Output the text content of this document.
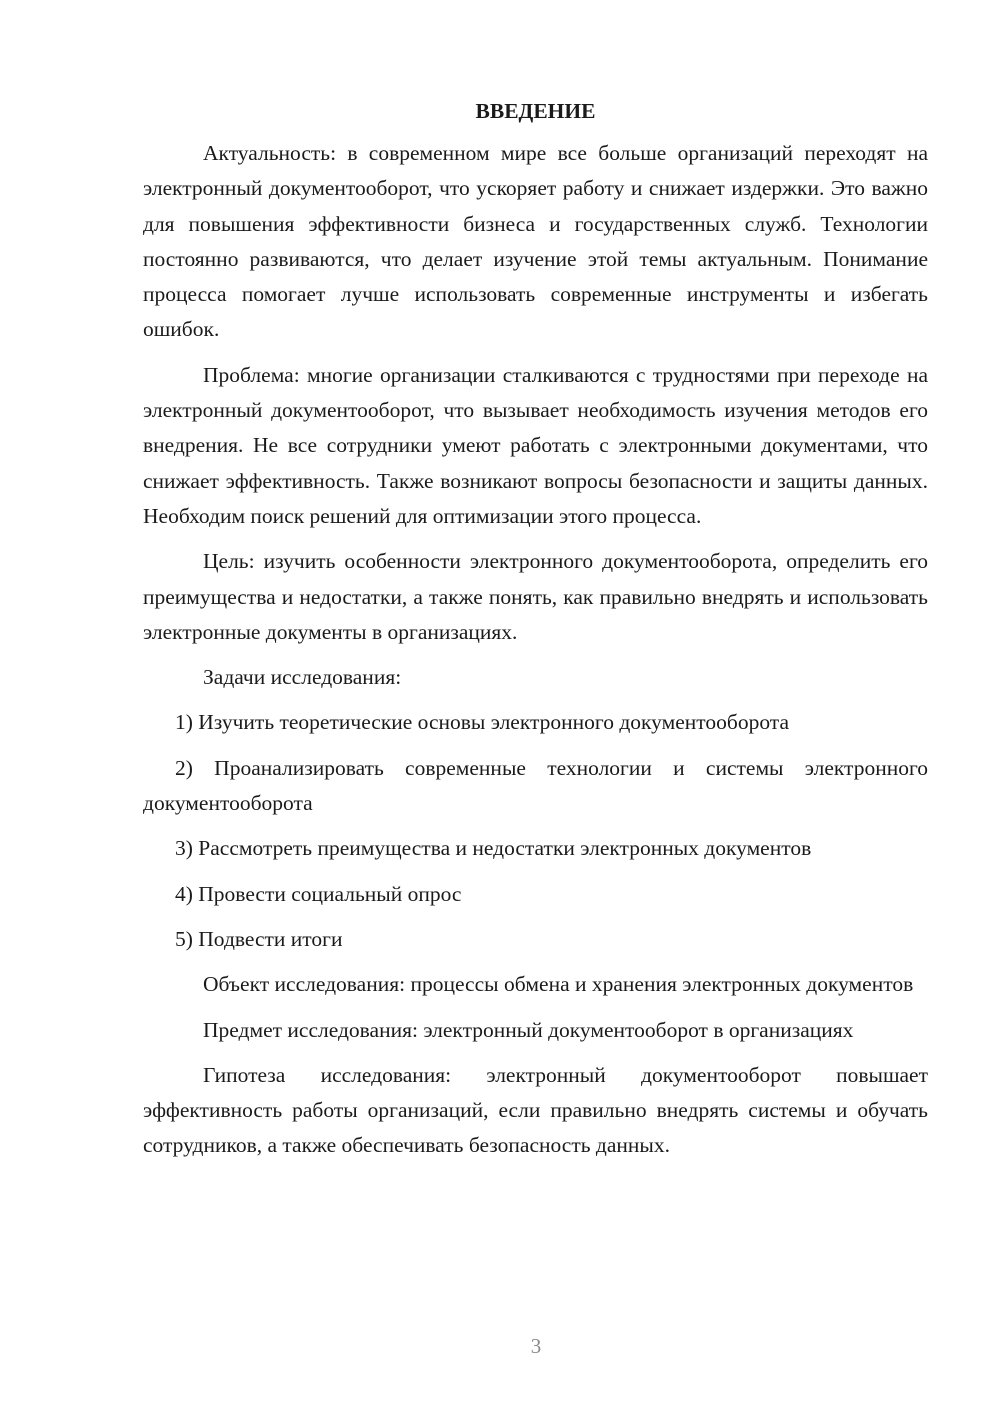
ВВЕДЕНИЕ

Актуальность: в современном мире все больше организаций переходят на электронный документооборот, что ускоряет работу и снижает издержки. Это важно для повышения эффективности бизнеса и государственных служб. Технологии постоянно развиваются, что делает изучение этой темы актуальным. Понимание процесса помогает лучше использовать современные инструменты и избегать ошибок.

Проблема: многие организации сталкиваются с трудностями при переходе на электронный документооборот, что вызывает необходимость изучения методов его внедрения. Не все сотрудники умеют работать с электронными документами, что снижает эффективность. Также возникают вопросы безопасности и защиты данных. Необходим поиск решений для оптимизации этого процесса.

Цель: изучить особенности электронного документооборота, определить его преимущества и недостатки, а также понять, как правильно внедрять и использовать электронные документы в организациях.

Задачи исследования:

1) Изучить теоретические основы электронного документооборота

2) Проанализировать современные технологии и системы электронного документооборота

3) Рассмотреть преимущества и недостатки электронных документов

4) Провести социальный опрос

5) Подвести итоги

Объект исследования: процессы обмена и хранения электронных документов

Предмет исследования: электронный документооборот в организациях

Гипотеза исследования: электронный документооборот повышает эффективность работы организаций, если правильно внедрять системы и обучать сотрудников, а также обеспечивать безопасность данных.

3
